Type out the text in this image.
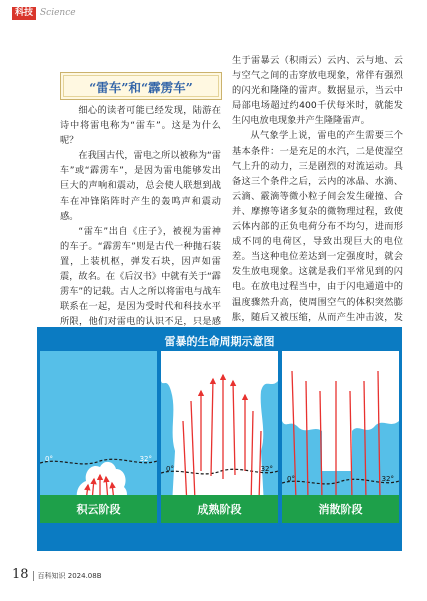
科技 Science
“雷车”和“霹雳车”

细心的读者可能已经发现，陆游在诗中将雷电称为“雷车”。这是为什么呢？

在我国古代，雷电之所以被称为“雷车”或“霹雳车”，是因为雷电能够发出巨大的声响和震动，总会使人联想到战车在冲锋陷阵时产生的轰鸣声和震动感。

“雷车”出自《庄子》，被视为雷神的车子。“霹雳车”则是古代一种抛石装置，上装机枢，弹发石块，因声如雷震，故名。在《后汉书》中就有关于“霹雳车”的记载。古人之所以将雷电与战车联系在一起，是因为受时代和科技水平所限，他们对雷电的认识不足，只是感

生于雷暴云（积雨云）云内、云与地、云与空气之间的击穿放电现象，常伴有强烈的闪光和隆隆的雷声。数据显示，当云中局部电场超过约400千伏每米时，就能发生闪电放电现象并产生隆隆雷声。

从气象学上说，雷电的产生需要三个基本条件：一是充足的水汽，二是使湿空气上升的动力，三是剧烈的对流运动。具备这三个条件之后，云内的冰晶、水滴、云滴、霰滴等微小粒子间会发生碰撞、合并、摩擦等诸多复杂的微物理过程，致使云体内部的正负电荷分布不均匀，进而形成不同的电荷区，导致出现巨大的电位差。当这种电位差达到一定强度时，就会发生放电现象。这就是我们平常见到的闪电。在放电过程当中，由于闪电通道中的温度骤然升高，使周围空气的体积突然膨胀，随后又被压缩，从而产生冲击波，发

雷暴的生命周期示意图
0°	32°
积云阶段
0°	32°
成熟阶段
0°	32°
消散阶段
18	百科知识 2024.08B
